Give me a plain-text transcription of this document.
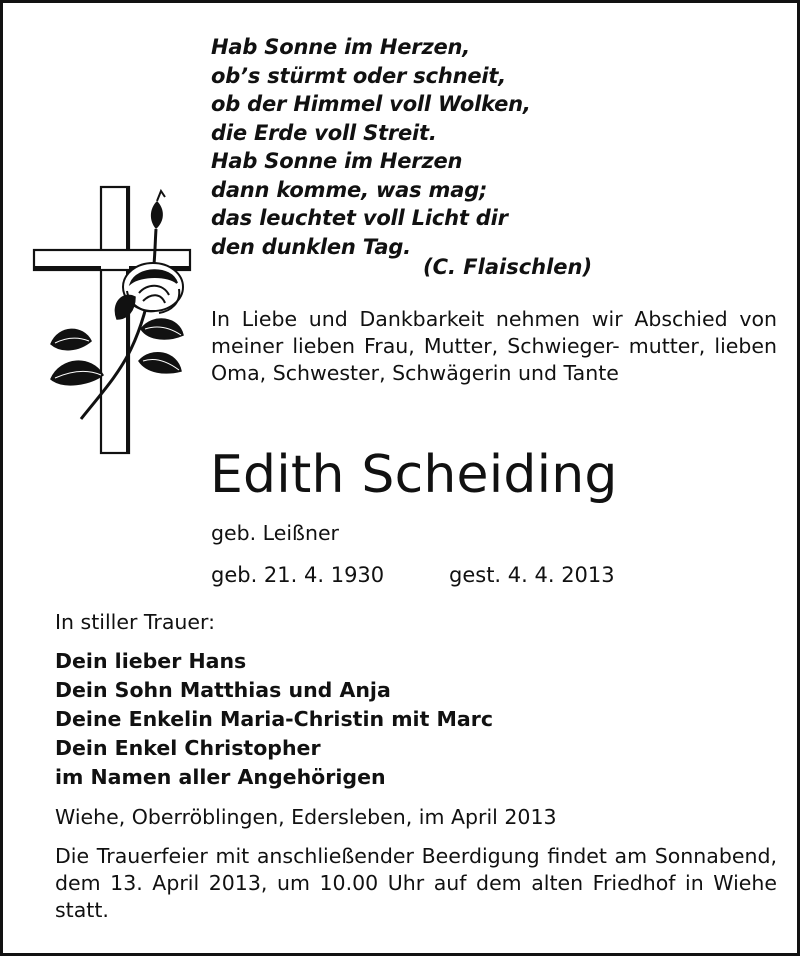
Hab Sonne im Herzen,
ob’s stürmt oder schneit,
ob der Himmel voll Wolken,
die Erde voll Streit.
Hab Sonne im Herzen
dann komme, was mag;
das leuchtet voll Licht dir
den dunklen Tag.
(C. Flaischlen)
In Liebe und Dankbarkeit nehmen wir Abschied von meiner lieben Frau, Mutter, Schwieger- mutter, lieben Oma, Schwester, Schwägerin und Tante
Edith Scheiding
geb. Leißner
geb. 21. 4. 1930	gest. 4. 4. 2013
In stiller Trauer:
Dein lieber Hans
Dein Sohn Matthias und Anja
Deine Enkelin Maria-Christin mit Marc
Dein Enkel Christopher
im Namen aller Angehörigen
Wiehe, Oberröblingen, Edersleben, im April 2013
Die Trauerfeier mit anschließender Beerdigung findet am Sonnabend, dem 13. April 2013, um 10.00 Uhr auf dem alten Friedhof in Wiehe statt.
